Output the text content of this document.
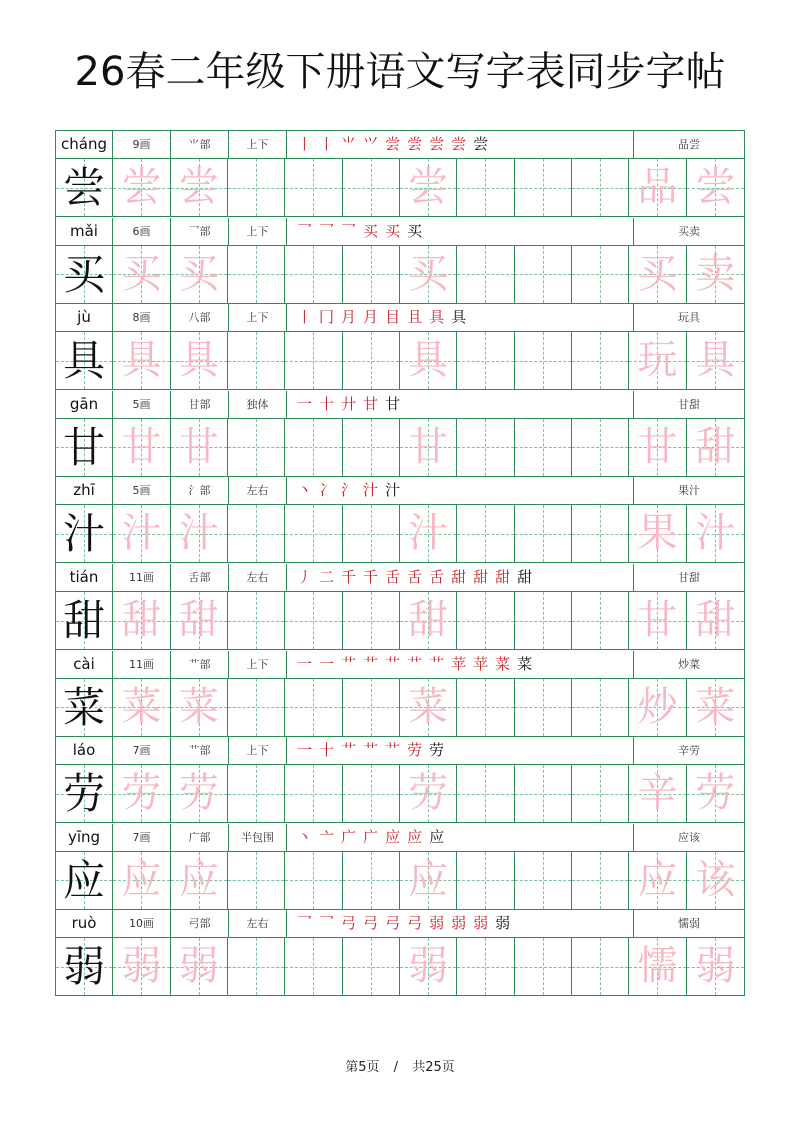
26春二年级下册语文写字表同步字帖
cháng	9画	⺌部	上下	丨 丨 ⺌ ⺍ 尝 尝 尝 尝 尝	品尝
尝 尝 尝	尝	品 尝
mǎi	6画	乛部	上下	乛 乛 乛 买 买 买	买卖
买 买 买	买	买 卖
jù	8画	八部	上下	丨 冂 月 月 目 且 具 具	玩具
具 具 具	具	玩 具
gān	5画	甘部	独体	一 十 廾 甘 甘	甘甜
甘 甘 甘	甘	甘 甜
zhī	5画	氵部	左右	丶 冫 氵 汁 汁	果汁
汁 汁 汁	汁	果 汁
tián	11画	舌部	左右	丿 二 千 千 舌 舌 舌 甜 甜 甜 甜	甘甜
甜 甜 甜	甜	甘 甜
cài	11画	艹部	上下	一 一 艹 艹 艹 艹 艹 苹 苹 菜 菜	炒菜
菜 菜 菜	菜	炒 菜
láo	7画	艹部	上下	一 十 艹 艹 艹 劳 劳	辛劳
劳 劳 劳	劳	辛 劳
yīng	7画	广部	半包围	丶 亠 广 广 应 应 应	应该
应 应 应	应	应 该
ruò	10画	弓部	左右	乛 乛 弓 弓 弓 弓 弱 弱 弱 弱	懦弱
弱 弱 弱	弱	懦 弱
第5页 / 共25页
